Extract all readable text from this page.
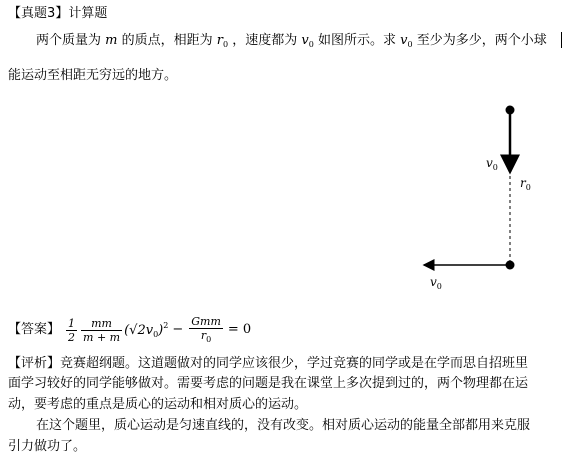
【真题3】计算题
两个质量为 m 的质点，相距为 $r_0$ ，速度都为 $v_0$ 如图所示。求 $v_0$ 至少为多少，两个小球
能运动至相距无穷远的地方。
$v_0$
$r_0$
$v_0$
【答案】 $\frac{1}{2} \frac{mm}{m + m} (√2v_0)^2 - \frac{\text{Gmm}}{r_0} = 0$
【评析】竞赛超纲题。这道题做对的同学应该很少，学过竞赛的同学或是在学而思自招班里
面学习较好的同学能够做对。需要考虑的问题是我在课堂上多次提到过的，两个物理都在运
动，要考虑的重点是质心的运动和相对质心的运动。
在这个题里，质心运动是匀速直线的，没有改变。相对质心运动的能量全部都用来克服
引力做功了。
